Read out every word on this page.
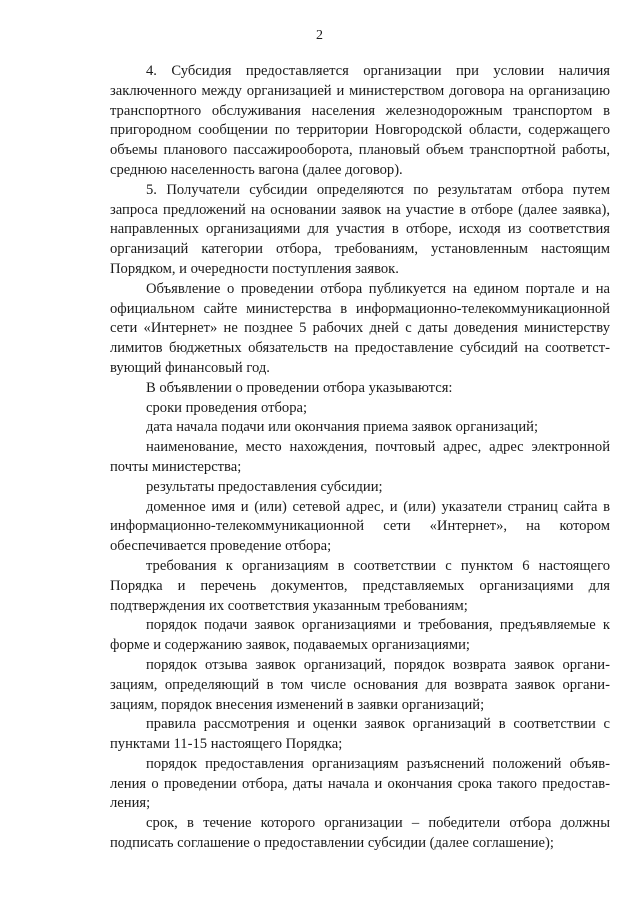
2

4. Субсидия предоставляется организации при условии наличия заключенного между организацией и министерством договора на организацию транспортного обслуживания населения железнодорожным транспортом в пригородном сообщении по территории Новгородской области, содержащего объемы планового пассажирооборота, плановый объем транспортной работы, среднюю населенность вагона (далее договор).

5. Получатели субсидии определяются по результатам отбора путем запроса предложений на основании заявок на участие в отборе (далее заявка), направленных организациями для участия в отборе, исходя из соответствия организаций категории отбора, требованиям, установленным настоящим Порядком, и очередности поступления заявок.

Объявление о проведении отбора публикуется на едином портале и на официальном сайте министерства в информационно-телекоммуникационной сети «Интернет» не позднее 5 рабочих дней с даты доведения министерству лимитов бюджетных обязательств на предоставление субсидий на соответствующий финансовый год.

В объявлении о проведении отбора указываются:

сроки проведения отбора;

дата начала подачи или окончания приема заявок организаций;

наименование, место нахождения, почтовый адрес, адрес электронной почты министерства;

результаты предоставления субсидии;

доменное имя и (или) сетевой адрес, и (или) указатели страниц сайта в информационно-телекоммуникационной сети «Интернет», на котором обеспечивается проведение отбора;

требования к организациям в соответствии с пунктом 6 настоящего Порядка и перечень документов, представляемых организациями для подтверждения их соответствия указанным требованиям;

порядок подачи заявок организациями и требования, предъявляемые к форме и содержанию заявок, подаваемых организациями;

порядок отзыва заявок организаций, порядок возврата заявок организациям, определяющий в том числе основания для возврата заявок организациям, порядок внесения изменений в заявки организаций;

правила рассмотрения и оценки заявок организаций в соответствии с пунктами 11-15 настоящего Порядка;

порядок предоставления организациям разъяснений положений объявления о проведении отбора, даты начала и окончания срока такого предоставления;

срок, в течение которого организации – победители отбора должны подписать соглашение о предоставлении субсидии (далее соглашение);
